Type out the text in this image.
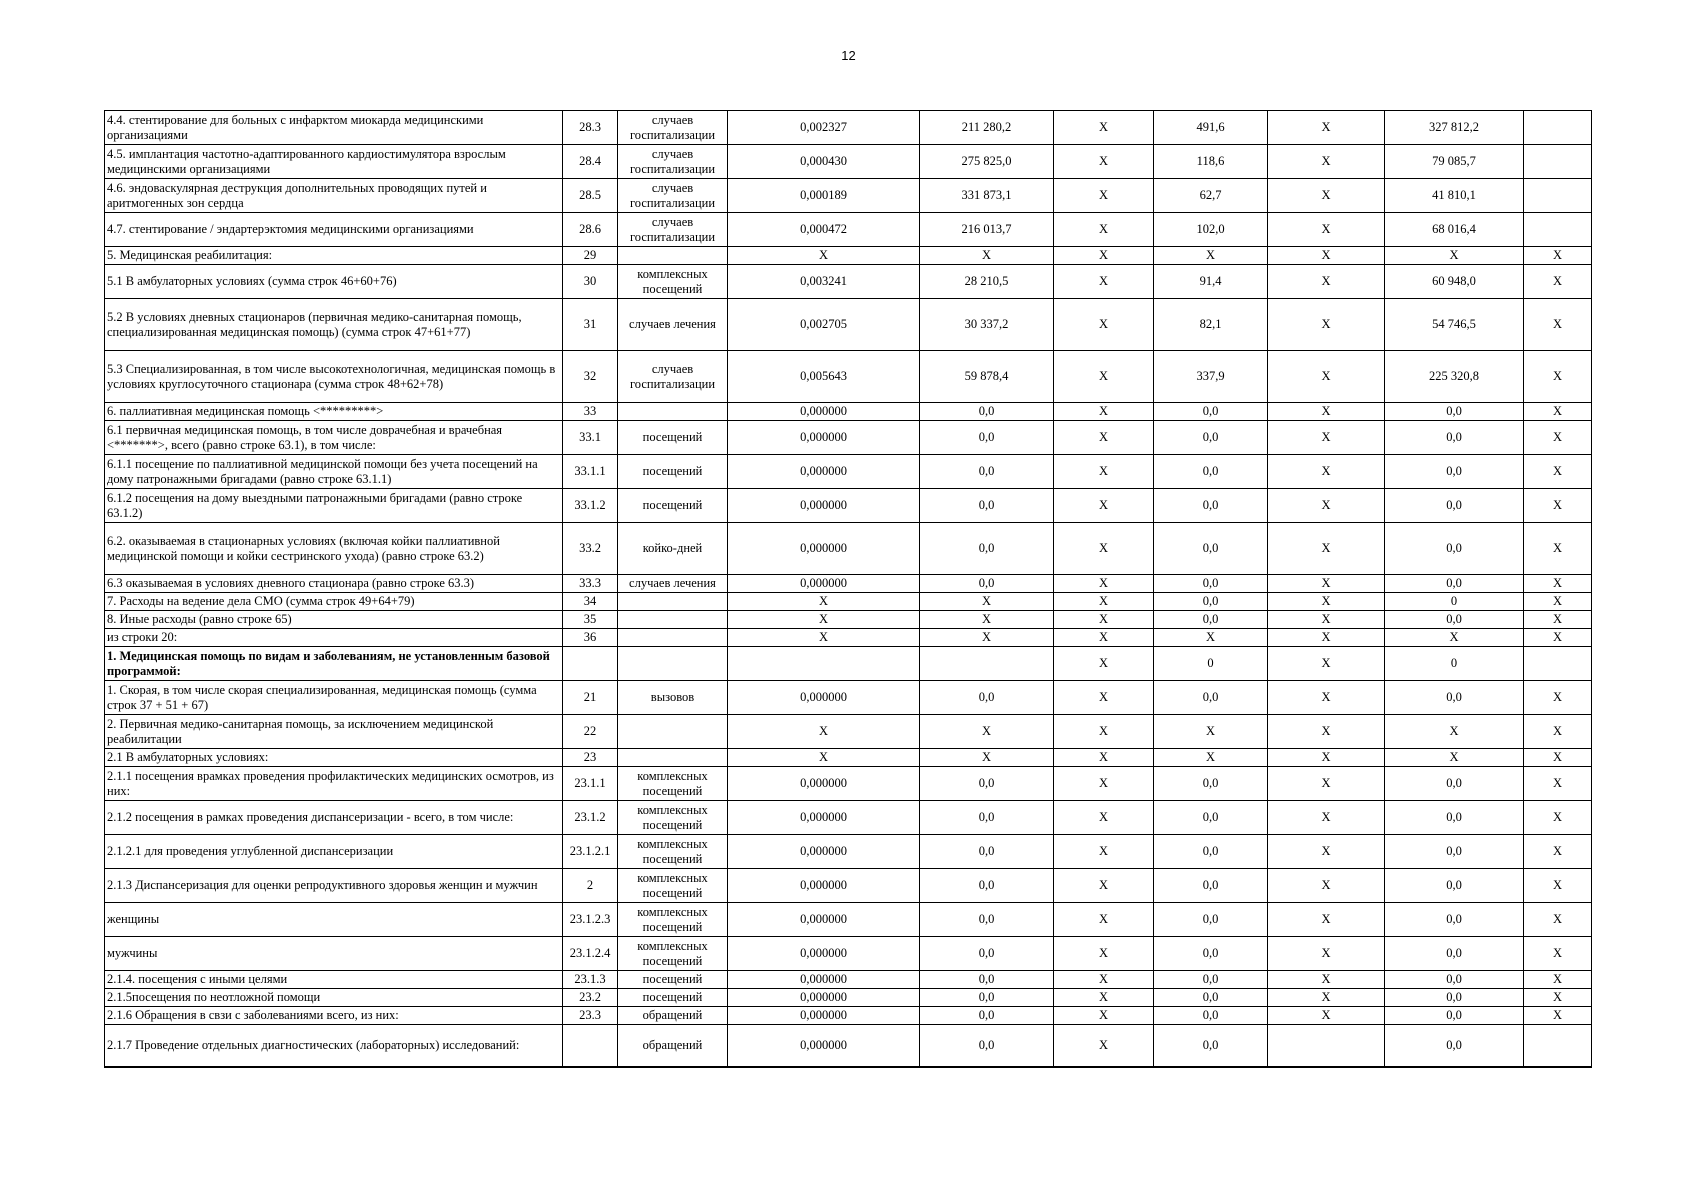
12
4.4. стентирование для больных с инфарктом миокарда медицинскими организациями	28.3	случаев госпитализации	0,002327	211 280,2	Х	491,6	Х	327 812,2	
4.5. имплантация частотно-адаптированного кардиостимулятора взрослым медицинскими организациями	28.4	случаев госпитализации	0,000430	275 825,0	Х	118,6	Х	79 085,7	
4.6. эндоваскулярная деструкция дополнительных проводящих путей и аритмогенных зон сердца	28.5	случаев госпитализации	0,000189	331 873,1	Х	62,7	Х	41 810,1	
4.7. стентирование / эндартерэктомия медицинскими организациями	28.6	случаев госпитализации	0,000472	216 013,7	Х	102,0	Х	68 016,4	
5. Медицинская реабилитация:	29		Х	Х	Х	Х	Х	Х	Х
5.1 В амбулаторных условиях (сумма строк 46+60+76)	30	комплексных посещений	0,003241	28 210,5	Х	91,4	Х	60 948,0	Х
5.2 В условиях дневных стационаров (первичная медико-санитарная помощь, специализированная медицинская помощь) (сумма строк 47+61+77)	31	случаев лечения	0,002705	30 337,2	Х	82,1	Х	54 746,5	Х
5.3 Специализированная, в том числе высокотехнологичная, медицинская помощь в условиях круглосуточного стационара (сумма строк 48+62+78)	32	случаев госпитализации	0,005643	59 878,4	Х	337,9	Х	225 320,8	Х
6. паллиативная медицинская помощь <*********>	33		0,000000	0,0	Х	0,0	Х	0,0	Х
6.1 первичная медицинская помощь, в том числе доврачебная и врачебная <*******>, всего (равно строке 63.1), в том числе:	33.1	посещений	0,000000	0,0	Х	0,0	Х	0,0	Х
6.1.1 посещение по паллиативной медицинской помощи без учета посещений на дому патронажными бригадами (равно строке 63.1.1)	33.1.1	посещений	0,000000	0,0	Х	0,0	Х	0,0	Х
6.1.2 посещения на дому выездными патронажными бригадами (равно строке 63.1.2)	33.1.2	посещений	0,000000	0,0	Х	0,0	Х	0,0	Х
6.2. оказываемая в стационарных условиях (включая койки паллиативной медицинской помощи и койки сестринского ухода) (равно строке 63.2)	33.2	койко-дней	0,000000	0,0	Х	0,0	Х	0,0	Х
6.3 оказываемая в условиях дневного стационара (равно строке 63.3)	33.3	случаев лечения	0,000000	0,0	Х	0,0	Х	0,0	Х
7. Расходы на ведение дела СМО (сумма строк 49+64+79)	34		Х	Х	Х	0,0	Х	0	Х
8. Иные расходы (равно строке 65)	35		Х	Х	Х	0,0	Х	0,0	Х
из строки 20:	36		Х	Х	Х	Х	Х	Х	Х
1. Медицинская помощь по видам и заболеваниям, не установленным базовой программой:					Х	0	Х	0	
1. Скорая, в том числе скорая специализированная, медицинская помощь (сумма строк 37 + 51 + 67)	21	вызовов	0,000000	0,0	Х	0,0	Х	0,0	Х
2. Первичная медико-санитарная помощь, за исключением медицинской реабилитации	22		Х	Х	Х	Х	Х	Х	Х
2.1 В амбулаторных условиях:	23		Х	Х	Х	Х	Х	Х	Х
2.1.1 посещения врамках проведения профилактических медицинских осмотров, из них:	23.1.1	комплексных посещений	0,000000	0,0	Х	0,0	Х	0,0	Х
2.1.2 посещения в рамках проведения диспансеризации - всего, в том числе:	23.1.2	комплексных посещений	0,000000	0,0	Х	0,0	Х	0,0	Х
2.1.2.1 для проведения углубленной диспансеризации	23.1.2.1	комплексных посещений	0,000000	0,0	Х	0,0	Х	0,0	Х
2.1.3 Диспансеризация для оценки репродуктивного здоровья женщин и мужчин	2	комплексных посещений	0,000000	0,0	Х	0,0	Х	0,0	Х
женщины	23.1.2.3	комплексных посещений	0,000000	0,0	Х	0,0	Х	0,0	Х
мужчины	23.1.2.4	комплексных посещений	0,000000	0,0	Х	0,0	Х	0,0	Х
2.1.4. посещения с иными целями	23.1.3	посещений	0,000000	0,0	Х	0,0	Х	0,0	Х
2.1.5посещения по неотложной помощи	23.2	посещений	0,000000	0,0	Х	0,0	Х	0,0	Х
2.1.6 Обращения в свзи с заболеваниями всего, из них:	23.3	обращений	0,000000	0,0	Х	0,0	Х	0,0	Х
2.1.7 Проведение отдельных диагностических (лабораторных) исследований:		обращений	0,000000	0,0	Х	0,0		0,0	
